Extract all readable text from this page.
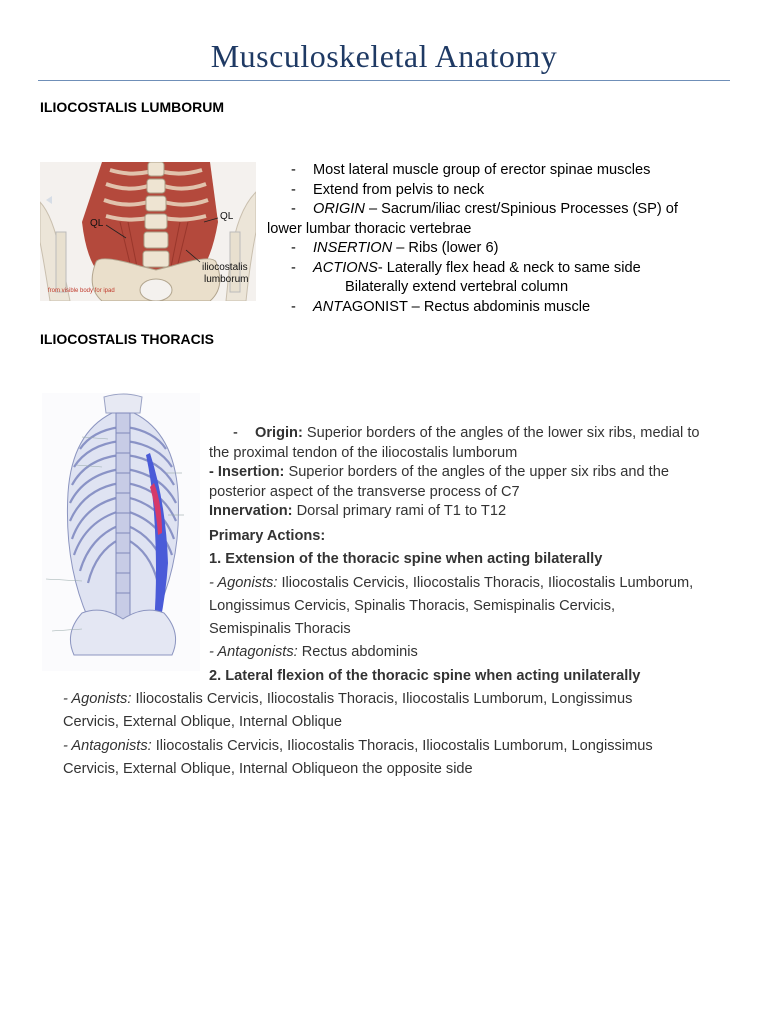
Musculoskeletal Anatomy
ILIOCOSTALIS LUMBORUM
QL
QL
iliocostalis
lumborum
from visible body for ipad
- Most lateral muscle group of erector spinae muscles
- Extend from pelvis to neck
- ORIGIN – Sacrum/iliac crest/Spinious Processes (SP) of
lower lumbar thoracic vertebrae
- INSERTION – Ribs (lower 6)
- ACTIONS- Laterally flex head & neck to same side
Bilaterally extend vertebral column
- ANTAGONIST – Rectus abdominis muscle
ILIOCOSTALIS THORACIS
- Origin: Superior borders of the angles of the lower six ribs, medial to
the proximal tendon of the iliocostalis lumborum
- Insertion: Superior borders of the angles of the upper six ribs and the
posterior aspect of the transverse process of C7
Innervation: Dorsal primary rami of T1 to T12
Primary Actions:
1. Extension of the thoracic spine when acting bilaterally
- Agonists: Iliocostalis Cervicis, Iliocostalis Thoracis, Iliocostalis Lumborum,
Longissimus Cervicis, Spinalis Thoracis, Semispinalis Cervicis,
Semispinalis Thoracis
- Antagonists: Rectus abdominis
2. Lateral flexion of the thoracic spine when acting unilaterally
- Agonists: Iliocostalis Cervicis, Iliocostalis Thoracis, Iliocostalis Lumborum, Longissimus
Cervicis, External Oblique, Internal Oblique
- Antagonists: Iliocostalis Cervicis, Iliocostalis Thoracis, Iliocostalis Lumborum, Longissimus
Cervicis, External Oblique, Internal Obliqueon the opposite side
